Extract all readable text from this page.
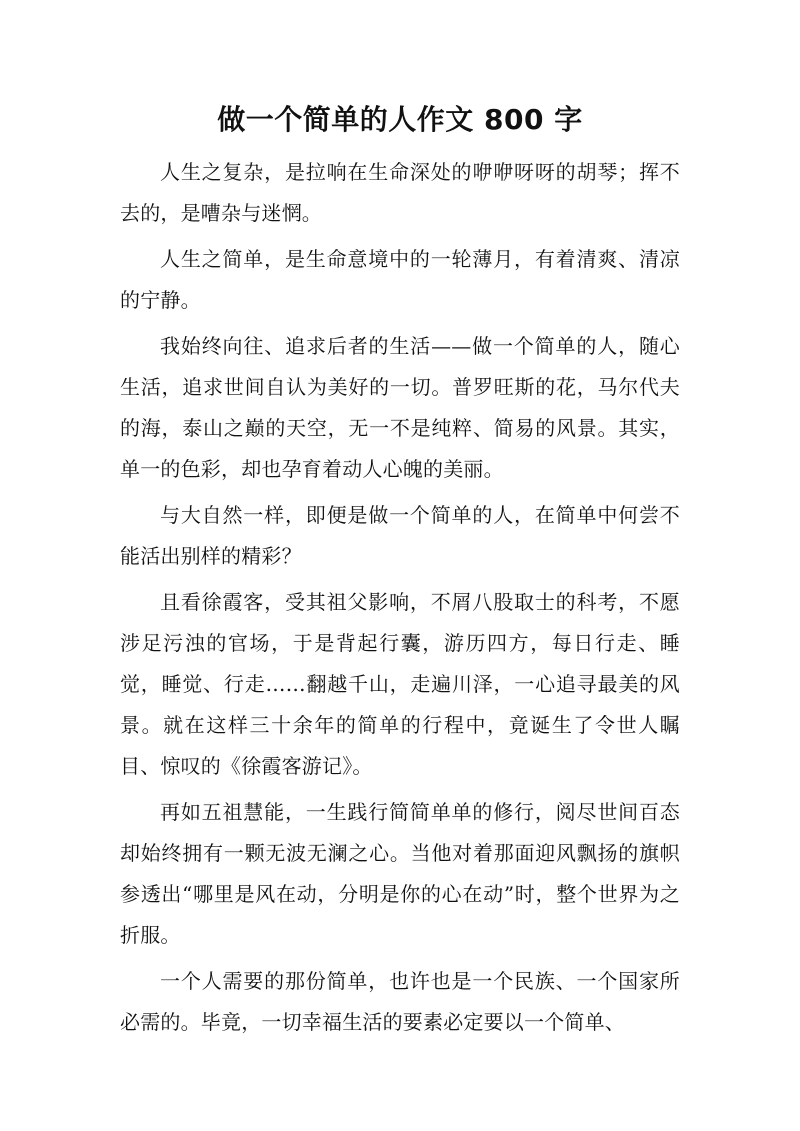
做一个简单的人作文 800 字

人生之复杂，是拉响在生命深处的咿咿呀呀的胡琴；挥不去的，是嘈杂与迷惘。

人生之简单，是生命意境中的一轮薄月，有着清爽、清凉的宁静。

我始终向往、追求后者的生活——做一个简单的人，随心生活，追求世间自认为美好的一切。普罗旺斯的花，马尔代夫的海，泰山之巅的天空，无一不是纯粹、简易的风景。其实，单一的色彩，却也孕育着动人心魄的美丽。

与大自然一样，即便是做一个简单的人，在简单中何尝不能活出别样的精彩？

且看徐霞客，受其祖父影响，不屑八股取士的科考，不愿涉足污浊的官场，于是背起行囊，游历四方，每日行走、睡觉，睡觉、行走……翻越千山，走遍川泽，一心追寻最美的风景。就在这样三十余年的简单的行程中，竟诞生了令世人瞩目、惊叹的《徐霞客游记》。

再如五祖慧能，一生践行简简单单的修行，阅尽世间百态却始终拥有一颗无波无澜之心。当他对着那面迎风飘扬的旗帜参透出“哪里是风在动，分明是你的心在动”时，整个世界为之折服。

一个人需要的那份简单，也许也是一个民族、一个国家所必需的。毕竟，一切幸福生活的要素必定要以一个简单、
